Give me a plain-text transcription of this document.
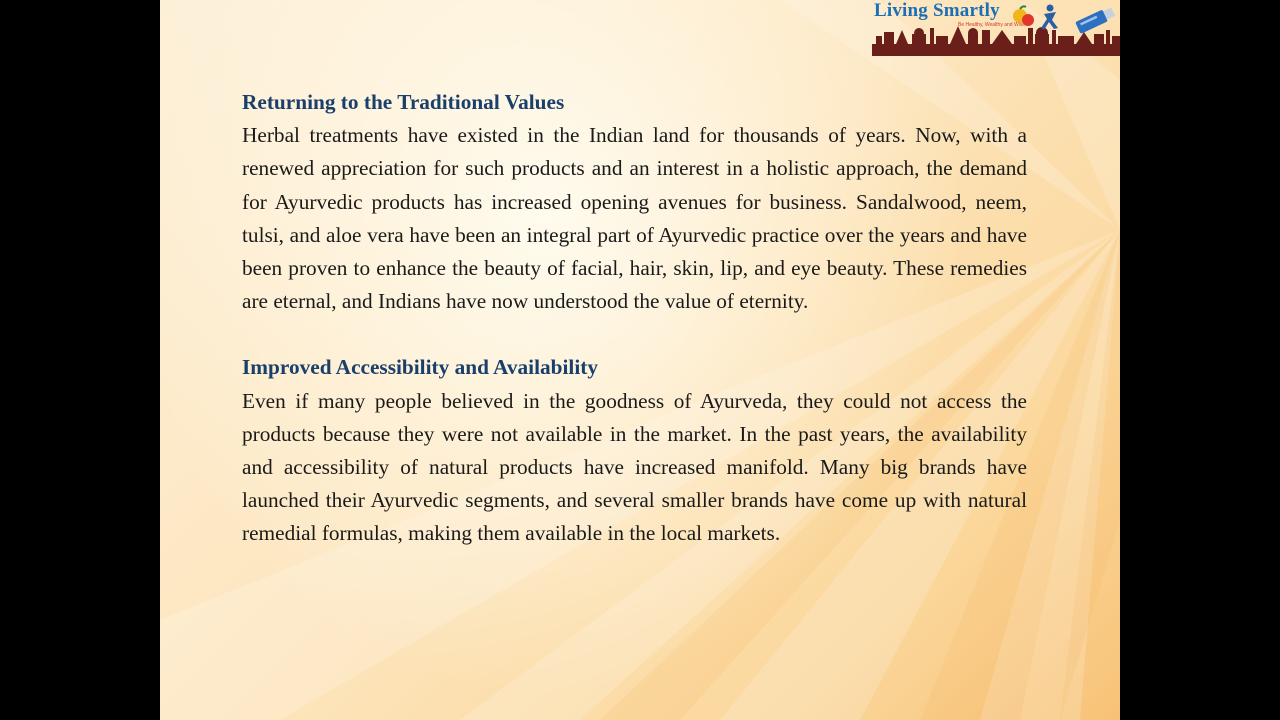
Living Smartly
Be Healthy, Wealthy and Wise

Returning to the Traditional Values

Herbal treatments have existed in the Indian land for thousands of years. Now, with a renewed appreciation for such products and an interest in a holistic approach, the demand for Ayurvedic products has increased opening avenues for business. Sandalwood, neem, tulsi, and aloe vera have been an integral part of Ayurvedic practice over the years and have been proven to enhance the beauty of facial, hair, skin, lip, and eye beauty. These remedies are eternal, and Indians have now understood the value of eternity.

Improved Accessibility and Availability

Even if many people believed in the goodness of Ayurveda, they could not access the products because they were not available in the market. In the past years, the availability and accessibility of natural products have increased manifold. Many big brands have launched their Ayurvedic segments, and several smaller brands have come up with natural remedial formulas, making them available in the local markets.
